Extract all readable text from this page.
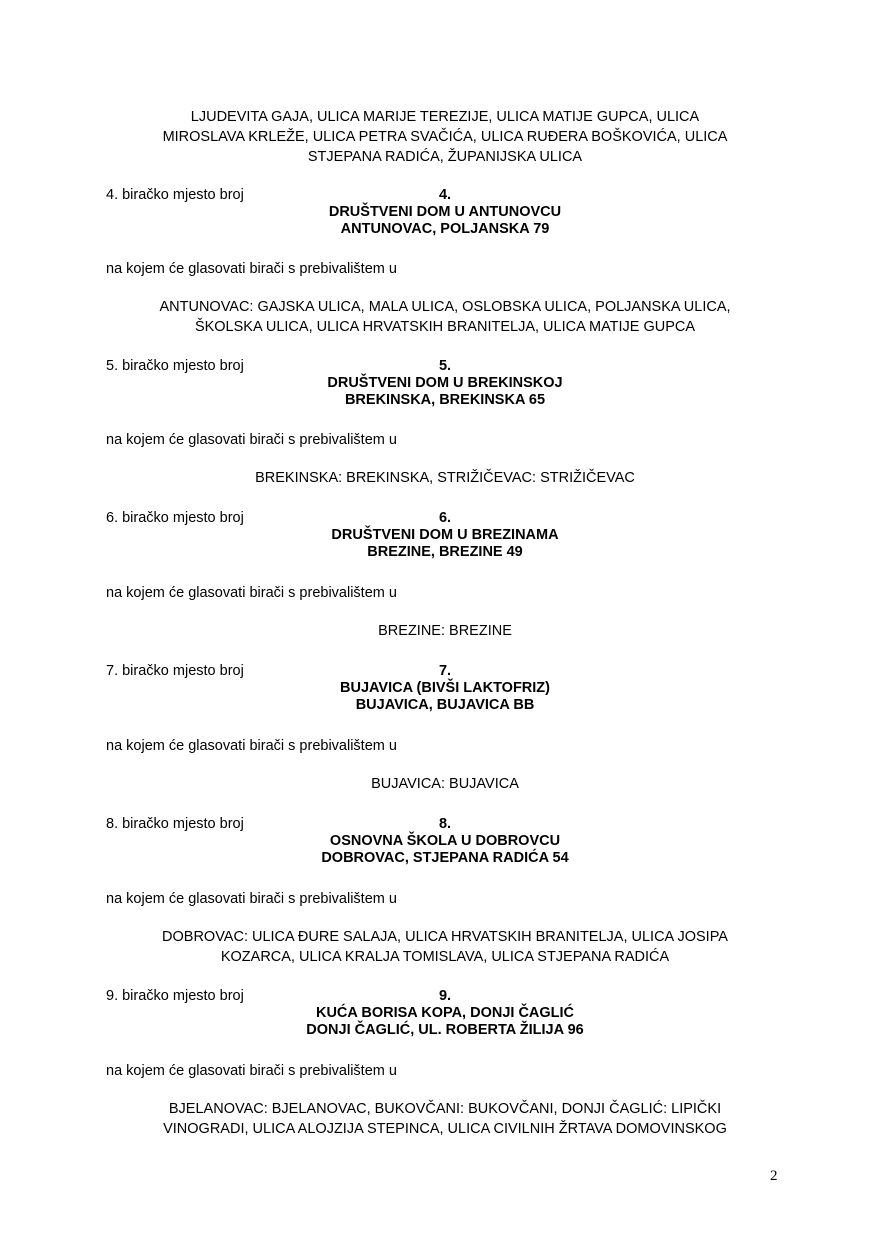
LJUDEVITA GAJA, ULICA MARIJE TEREZIJE, ULICA MATIJE GUPCA, ULICA
MIROSLAVA KRLEŽE, ULICA PETRA SVAČIĆA, ULICA RUĐERA BOŠKOVIĆA, ULICA
STJEPANA RADIĆA, ŽUPANIJSKA ULICA
4. biračko mjesto broj	4.
DRUŠTVENI DOM U ANTUNOVCU
ANTUNOVAC, POLJANSKA 79
na kojem će glasovati birači s prebivalištem u
ANTUNOVAC: GAJSKA ULICA, MALA ULICA, OSLOBSKA ULICA, POLJANSKA ULICA,
ŠKOLSKA ULICA, ULICA HRVATSKIH BRANITELJA, ULICA MATIJE GUPCA
5. biračko mjesto broj	5.
DRUŠTVENI DOM U BREKINSKOJ
BREKINSKA, BREKINSKA 65
na kojem će glasovati birači s prebivalištem u
BREKINSKA: BREKINSKA, STRIŽIČEVAC: STRIŽIČEVAC
6. biračko mjesto broj	6.
DRUŠTVENI DOM U BREZINAMA
BREZINE, BREZINE 49
na kojem će glasovati birači s prebivalištem u
BREZINE: BREZINE
7. biračko mjesto broj	7.
BUJAVICA (BIVŠI LAKTOFRIZ)
BUJAVICA, BUJAVICA BB
na kojem će glasovati birači s prebivalištem u
BUJAVICA: BUJAVICA
8. biračko mjesto broj	8.
OSNOVNA ŠKOLA U DOBROVCU
DOBROVAC, STJEPANA RADIĆA 54
na kojem će glasovati birači s prebivalištem u
DOBROVAC: ULICA ĐURE SALAJA, ULICA HRVATSKIH BRANITELJA, ULICA JOSIPA
KOZARCA, ULICA KRALJA TOMISLAVA, ULICA STJEPANA RADIĆA
9. biračko mjesto broj	9.
KUĆA BORISA KOPA, DONJI ČAGLIĆ
DONJI ČAGLIĆ, UL. ROBERTA ŽILIJA 96
na kojem će glasovati birači s prebivalištem u
BJELANOVAC: BJELANOVAC, BUKOVČANI: BUKOVČANI, DONJI ČAGLIĆ: LIPIČKI
VINOGRADI, ULICA ALOJZIJA STEPINCA, ULICA CIVILNIH ŽRTAVA DOMOVINSKOG
2
